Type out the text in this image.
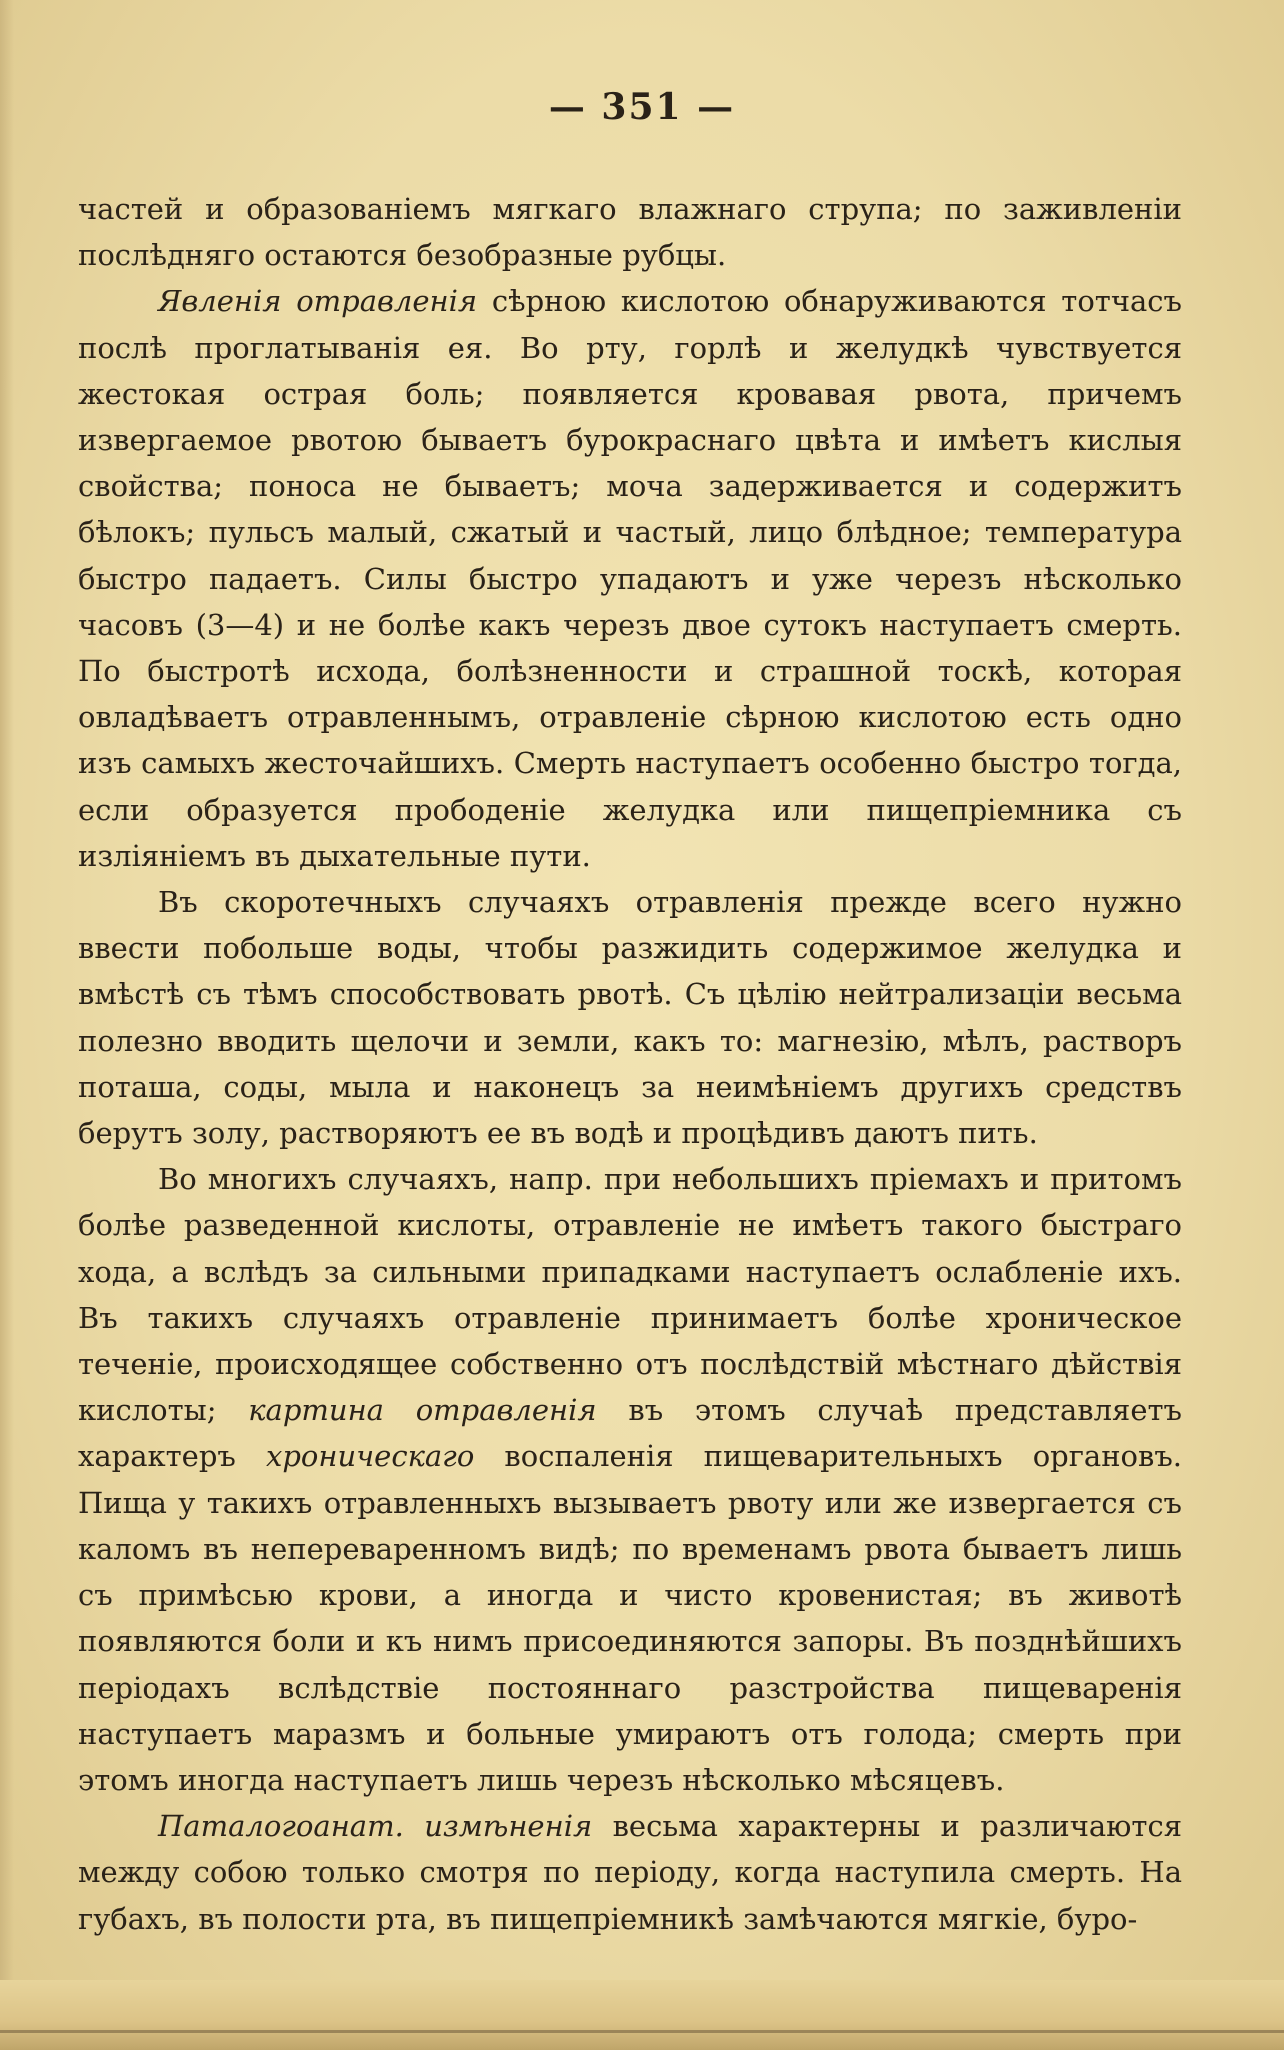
— 351 —

частей и образованіемъ мягкаго влажнаго струпа; по заживленіи послѣдняго остаются безобразные рубцы.

Явленія отравленія сѣрною кислотою обнаруживаются тотчасъ послѣ проглатыванія ея. Во рту, горлѣ и желудкѣ чувствуется жестокая острая боль; появляется кровавая рвота, причемъ извергаемое рвотою бываетъ бурокраснаго цвѣта и имѣетъ кислыя свойства; поноса не бываетъ; моча задерживается и содержитъ бѣлокъ; пульсъ малый, сжатый и частый, лицо блѣдное; температура быстро падаетъ. Силы быстро упадаютъ и уже черезъ нѣсколько часовъ (3—4) и не болѣе какъ черезъ двое сутокъ наступаетъ смерть. По быстротѣ исхода, болѣзненности и страшной тоскѣ, которая овладѣваетъ отравленнымъ, отравленіе сѣрною кислотою есть одно изъ самыхъ жесточайшихъ. Смерть наступаетъ особенно быстро тогда, если образуется прободеніе желудка или пищепріемника съ изліяніемъ въ дыхательные пути.

Въ скоротечныхъ случаяхъ отравленія прежде всего нужно ввести побольше воды, чтобы разжидить содержимое желудка и вмѣстѣ съ тѣмъ способствовать рвотѣ. Съ цѣлію нейтрализаціи весьма полезно вводить щелочи и земли, какъ то: магнезію, мѣлъ, растворъ поташа, соды, мыла и наконецъ за неимѣніемъ другихъ средствъ берутъ золу, растворяютъ ее въ водѣ и процѣдивъ даютъ пить.

Во многихъ случаяхъ, напр. при небольшихъ пріемахъ и притомъ болѣе разведенной кислоты, отравленіе не имѣетъ такого быстраго хода, а вслѣдъ за сильными припадками наступаетъ ослабленіе ихъ. Въ такихъ случаяхъ отравленіе принимаетъ болѣе хроническое теченіе, происходящее собственно отъ послѣдствій мѣстнаго дѣйствія кислоты; картина отравленія въ этомъ случаѣ представляетъ характеръ хроническаго воспаленія пищеварительныхъ органовъ. Пища у такихъ отравленныхъ вызываетъ рвоту или же извергается съ каломъ въ непереваренномъ видѣ; по временамъ рвота бываетъ лишь съ примѣсью крови, а иногда и чисто кровенистая; въ животѣ появляются боли и къ нимъ присоединяются запоры. Въ позднѣйшихъ періодахъ вслѣдствіе постояннаго разстройства пищеваренія наступаетъ маразмъ и больные умираютъ отъ голода; смерть при этомъ иногда наступаетъ лишь черезъ нѣсколько мѣсяцевъ.

Паталогоанат. измѣненія весьма характерны и различаются между собою только смотря по періоду, когда наступила смерть. На губахъ, въ полости рта, въ пищепріемникѣ замѣчаются мягкіе, буро-
